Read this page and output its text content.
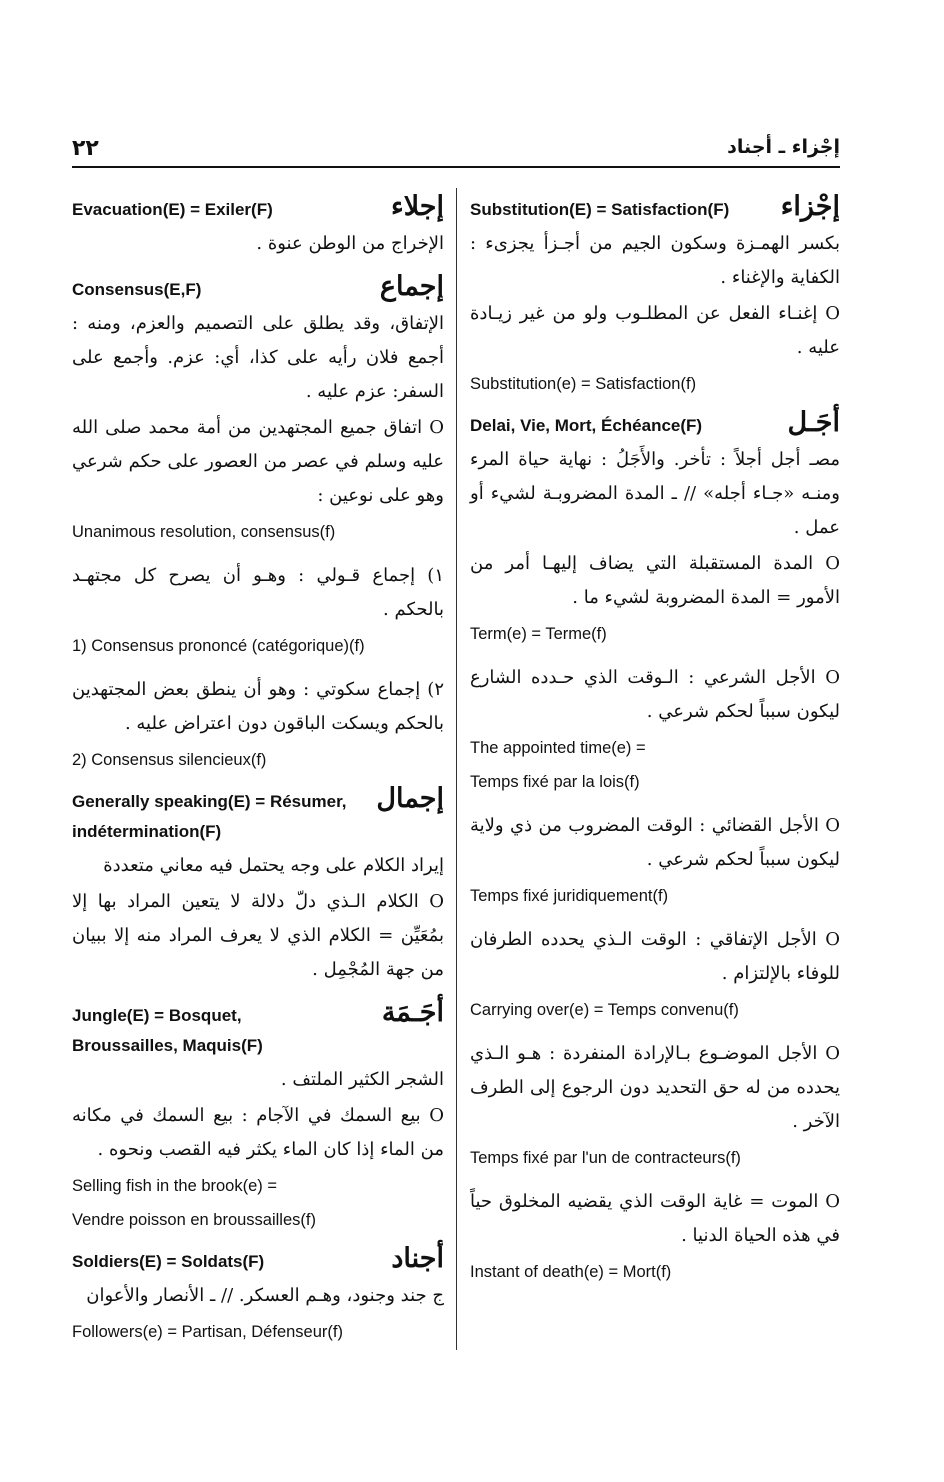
٢٢	إجْزاء ـ أجناد
إجلاء
Evacuation(E) = Exiler(F)
الإخراج من الوطن عنوة .
إجماع
Consensus(E,F)
الإتفاق، وقد يطلق على التصميم والعزم، ومنه : أجمع فلان رأيه على كذا، أي: عزم. وأجمع على السفر: عزم عليه .
O اتفاق جميع المجتهدين من أمة محمد صلى الله عليه وسلم في عصر من العصور على حكم شرعي وهو على نوعين :
Unanimous resolution, consensus(f)
١) إجماع قـولي : وهـو أن يصرح كل مجتهـد بالحكم .
1) Consensus prononcé (catégorique)(f)
٢) إجماع سكوتي : وهو أن ينطق بعض المجتهدين بالحكم ويسكت الباقون دون اعتراض عليه .
2) Consensus silencieux(f)
إجمال
Generally speaking(E) = Résumer, indétermination(F)
إيراد الكلام على وجه يحتمل فيه معاني متعددة
O الكلام الـذي دلّ دلالة لا يتعين المراد بها إلا بمُعَيِّن = الكلام الذي لا يعرف المراد منه إلا ببيان من جهة المُجْمِل .
أجَـمَة
Jungle(E) = Bosquet, Broussailles, Maquis(F)
الشجر الكثير الملتف .
O بيع السمك في الآجام : بيع السمك في مكانه من الماء إذا كان الماء يكثر فيه القصب ونحوه .
Selling fish in the brook(e) =
Vendre poisson en broussailles(f)
أجناد
Soldiers(E) = Soldats(F)
ج جند وجنود، وهـم العسكر. // ـ الأنصار والأعوان
Followers(e) = Partisan, Défenseur(f)
إجْزاء
Substitution(E) = Satisfaction(F)
بكسر الهمـزة وسكون الجيم من أجـزأ يجزىء : الكفاية والإغناء .
O إغنـاء الفعل عن المطلـوب ولو من غير زيـادة عليه .
Substitution(e) = Satisfaction(f)
أجَـل
Delai, Vie, Mort, Échéance(F)
مصـ أجل أجلاً : تأخر. والأَجَلُ : نهاية حياة المرء ومنـه «جـاء أجله» // ـ المدة المضروبـة لشيء أو عمل .
O المدة المستقبلة التي يضاف إليهـا أمر من الأمور = المدة المضروبة لشيء ما .
Term(e) = Terme(f)
O الأجل الشرعي : الـوقت الذي حـدده الشارع ليكون سبباً لحكم شرعي .
The appointed time(e) =
Temps fixé par la lois(f)
O الأجل القضائي : الوقت المضروب من ذي ولاية ليكون سبباً لحكم شرعي .
Temps fixé juridiquement(f)
O الأجل الإتفاقي : الوقت الـذي يحدده الطرفان للوفاء بالإلتزام .
Carrying over(e) = Temps convenu(f)
O الأجل الموضـوع بـالإرادة المنفردة : هـو الـذي يحدده من له حق التحديد دون الرجوع إلى الطرف الآخر .
Temps fixé par l'un de contracteurs(f)
O الموت = غاية الوقت الذي يقضيه المخلوق حياً في هذه الحياة الدنيا .
Instant of death(e) = Mort(f)
